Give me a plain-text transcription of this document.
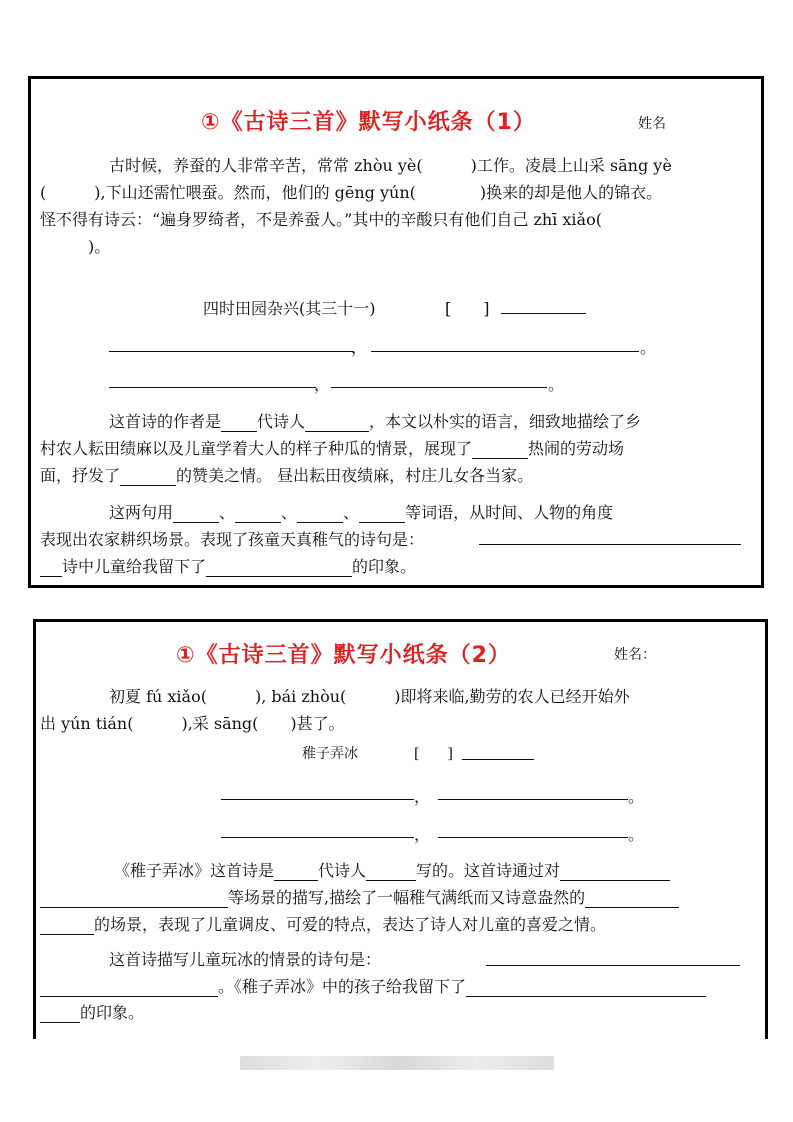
①《古诗三首》默写小纸条（1）	姓名
古时候，养蚕的人非常辛苦，常常 zhòu yè(　　　)工作。凌晨上山采 sāng yè
(　　　),下山还需忙喂蚕。然而，他们的 gēng yún(　　　　)换来的却是他人的锦衣。
怪不得有诗云：“遍身罗绮者，不是养蚕人。”其中的辛酸只有他们自己 zhī xiǎo(
　　　)。
四时田园杂兴(其三十一)	[　　]
，	。
，	。
这首诗的作者是 代诗人	，本文以朴实的语言，细致地描绘了乡
村农人耘田绩麻以及儿童学着大人的样子种瓜的情景，展现了	热闹的劳动场
面，抒发了	的赞美之情。 昼出耘田夜绩麻，村庄儿女各当家。
这两句用	、	、	、	等词语，从时间、人物的角度
表现出农家耕织场景。表现了孩童天真稚气的诗句是：
诗中儿童给我留下了	的印象。
①《古诗三首》默写小纸条（2）	姓名：
初夏 fú xiǎo(　　　), bái zhòu(　　　)即将来临,勤劳的农人已经开始外
出 yún tián(　　　),采 sāng(　　)甚了。
稚子弄冰	[　　]
，	。
，	。
《稚子弄冰》这首诗是	代诗人	写的。这首诗通过对
等场景的描写,描绘了一幅稚气满纸而又诗意盎然的
的场景，表现了儿童调皮、可爱的特点，表达了诗人对儿童的喜爱之情。
这首诗描写儿童玩冰的情景的诗句是：
。《稚子弄冰》中的孩子给我留下了
的印象。
